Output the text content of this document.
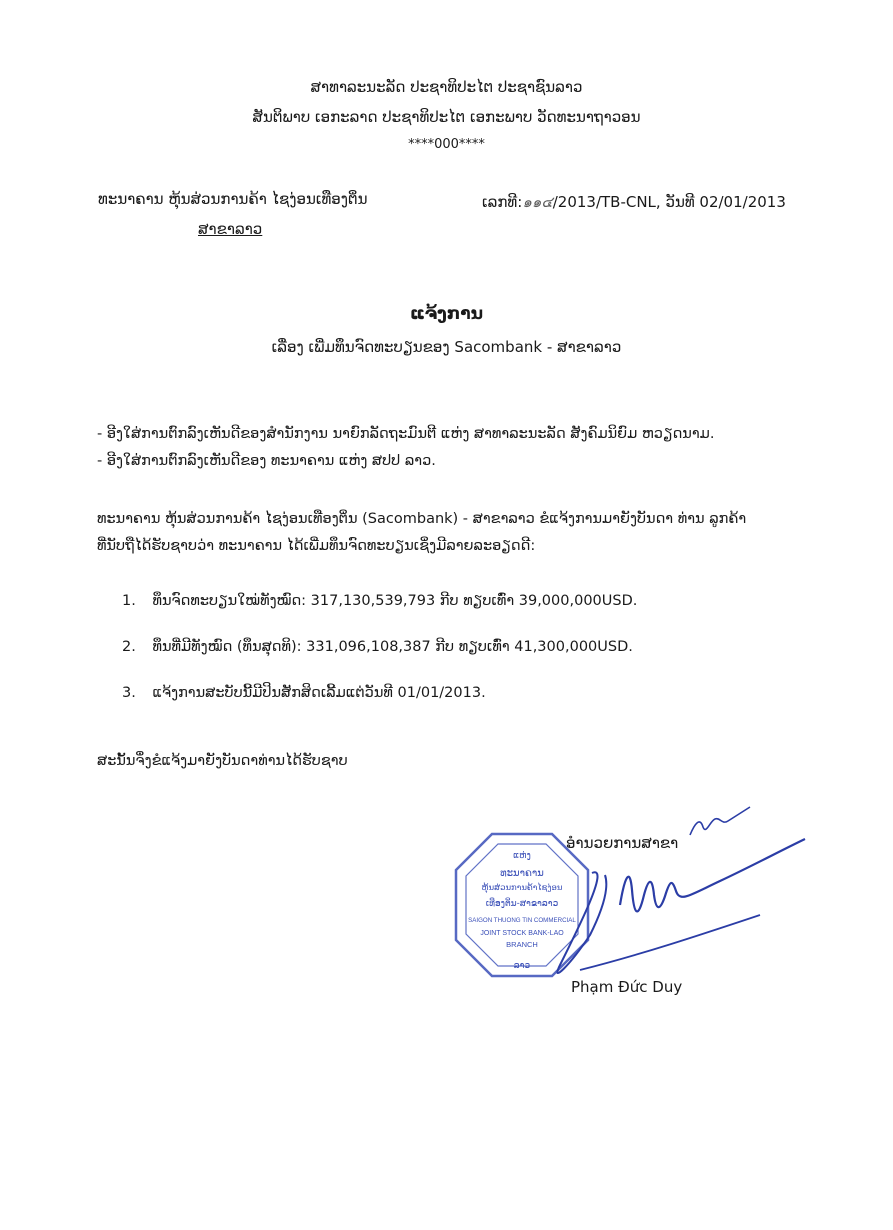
ສາທາລະນະລັດ ປະຊາທິປະໄຕ ປະຊາຊົນລາວ
ສັນຕິພາບ ເອກະລາດ ປະຊາທິປະໄຕ ເອກະພາບ ວັດທະນາຖາວອນ
****000****
ທະນາຄານ ຫຸ້ນສ່ວນການຄ້າ ໄຊງ່ອນເທືອງຕິ່ນ
ສາຂາລາວ
ເລກທີ:๑๑๔/2013/TB-CNL, ວັນທີ 02/01/2013
ແຈ້ງການ
ເລື່ອງ ເພີ່ມທຶນຈົດທະບຽນຂອງ Sacombank - ສາຂາລາວ
- ອີງໃສ່ການຕົກລົງເຫັນດີຂອງສຳນັກງານ ນາຍົກລັດຖະມົນຕີ ແຫ່ງ ສາທາລະນະລັດ ສັງຄົມນິຍົມ ຫວຽດນາມ.
- ອີງໃສ່ການຕົກລົງເຫັນດີຂອງ ທະນາຄານ ແຫ່ງ ສປປ ລາວ.
ທະນາຄານ ຫຸ້ນສ່ວນການຄ້າ ໄຊງ່ອນເທືອງຕິ່ນ (Sacombank) - ສາຂາລາວ ຂໍແຈ້ງການມາຍັງບັນດາ ທ່ານ ລູກຄ້າ
ທີ່ນັບຖືໄດ້ຮັບຊາບວ່າ ທະນາຄານ ໄດ້ເພີ່ມທຶນຈົດທະບຽນເຊິ່ງມີລາຍລະອຽດດີ:
1. ທຶນຈົດທະບຽນໃໝ່ທັງໝົດ: 317,130,539,793 ກີບ ທຽບເທົ່າ 39,000,000USD.
2. ທຶນທີ່ມີທັງໝົດ (ທຶນສຸດທິ): 331,096,108,387 ກີບ ທຽບເທົ່າ 41,300,000USD.
3. ແຈ້ງການສະບັບນີ້ມີປິນສັກສິດເລີ້ມແຕ່ວັນທີ 01/01/2013.
ສະນັ້ນຈຶ່ງຂໍແຈ້ງມາຍັງບັນດາທ່ານໄດ້ຮັບຊາບ
ແຫ່ງ
ທະນາຄານ
ຫຸ້ນສ່ວນການຄ້າໄຊງ່ອນ
ເທືອງຕິ່ນ-ສາຂາລາວ
SAIGON THUONG TIN COMMERCIAL
JOINT STOCK BANK-LAO
BRANCH
ລາວ
ອຳນວຍການສາຂາ
Phạm Đức Duy
